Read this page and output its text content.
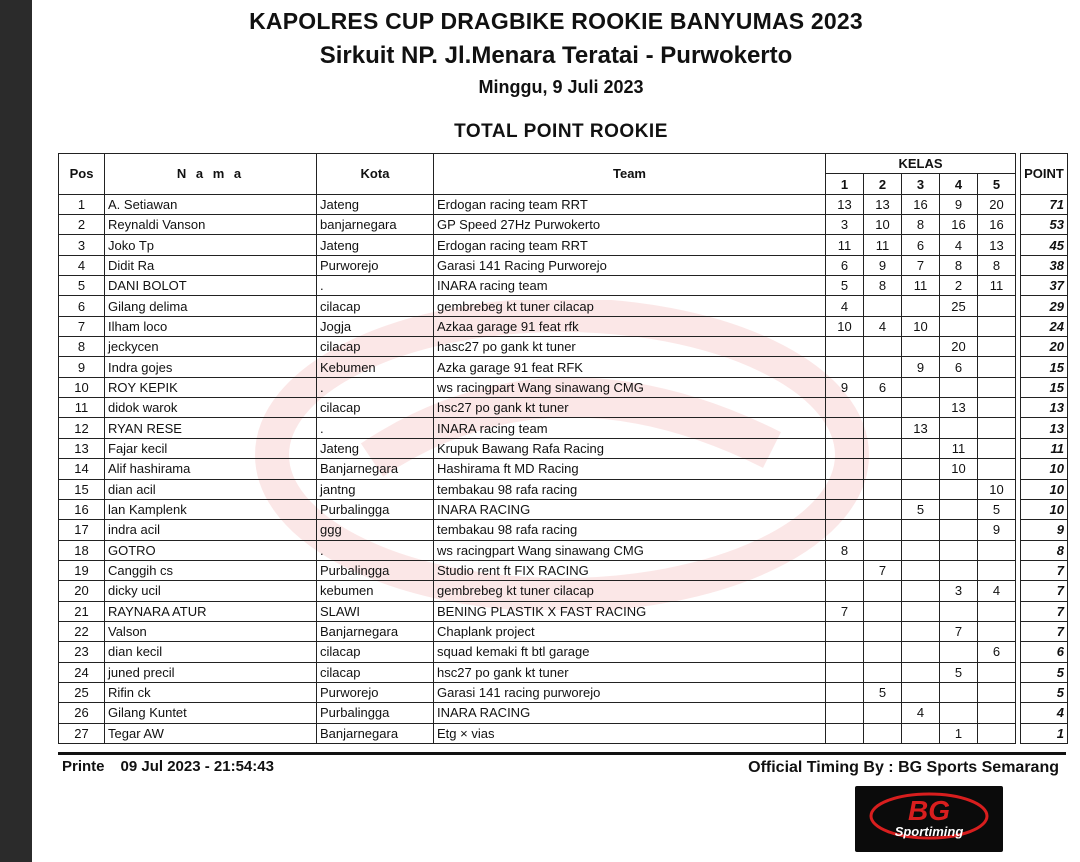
KAPOLRES CUP DRAGBIKE ROOKIE BANYUMAS 2023
Sirkuit NP. Jl.Menara Teratai - Purwokerto
Minggu, 9 Juli 2023
TOTAL POINT ROOKIE
Pos	N a m a	Kota	Team	KELAS						POINT
				1	2	3	4	5		
1	A. Setiawan	Jateng	Erdogan racing team RRT	13	13	16	9	20		71
2	Reynaldi Vanson	banjarnegara	GP Speed 27Hz Purwokerto	3	10	8	16	16		53
3	Joko Tp	Jateng	Erdogan racing team RRT	11	11	6	4	13		45
4	Didit Ra	Purworejo	Garasi 141 Racing Purworejo	6	9	7	8	8		38
5	DANI BOLOT	.	INARA racing team	5	8	11	2	11		37
6	Gilang delima	cilacap	gembrebeg kt tuner cilacap	4			25			29
7	Ilham loco	Jogja	Azkaa garage 91 feat rfk	10	4	10				24
8	jeckycen	cilacap	hasc27 po gank kt tuner				20			20
9	Indra gojes	Kebumen	Azka garage 91 feat RFK			9	6			15
10	ROY KEPIK	.	ws racingpart Wang sinawang CMG	9	6					15
11	didok warok	cilacap	hsc27 po gank kt tuner				13			13
12	RYAN RESE	.	INARA racing team			13				13
13	Fajar kecil	Jateng	Krupuk Bawang Rafa Racing				11			11
14	Alif hashirama	Banjarnegara	Hashirama ft MD Racing				10			10
15	dian acil	jantng	tembakau 98 rafa racing					10		10
16	lan Kamplenk	Purbalingga	INARA RACING			5		5		10
17	indra acil	ggg	tembakau 98 rafa racing					9		9
18	GOTRO	.	ws racingpart Wang sinawang CMG	8						8
19	Canggih cs	Purbalingga	Studio rent ft FIX RACING		7					7
20	dicky ucil	kebumen	gembrebeg kt tuner cilacap				3	4		7
21	RAYNARA ATUR	SLAWI	BENING PLASTIK X FAST RACING	7						7
22	Valson	Banjarnegara	Chaplank project				7			7
23	dian kecil	cilacap	squad kemaki ft btl garage					6		6
24	juned precil	cilacap	hsc27 po gank kt tuner				5			5
25	Rifin ck	Purworejo	Garasi 141 racing purworejo		5					5
26	Gilang Kuntet	Purbalingga	INARA RACING			4				4
27	Tegar AW	Banjarnegara	Etg × vias				1			1
Printe 09 Jul 2023 - 21:54:43	Official Timing By : BG Sports Semarang
BG
Sportiming
